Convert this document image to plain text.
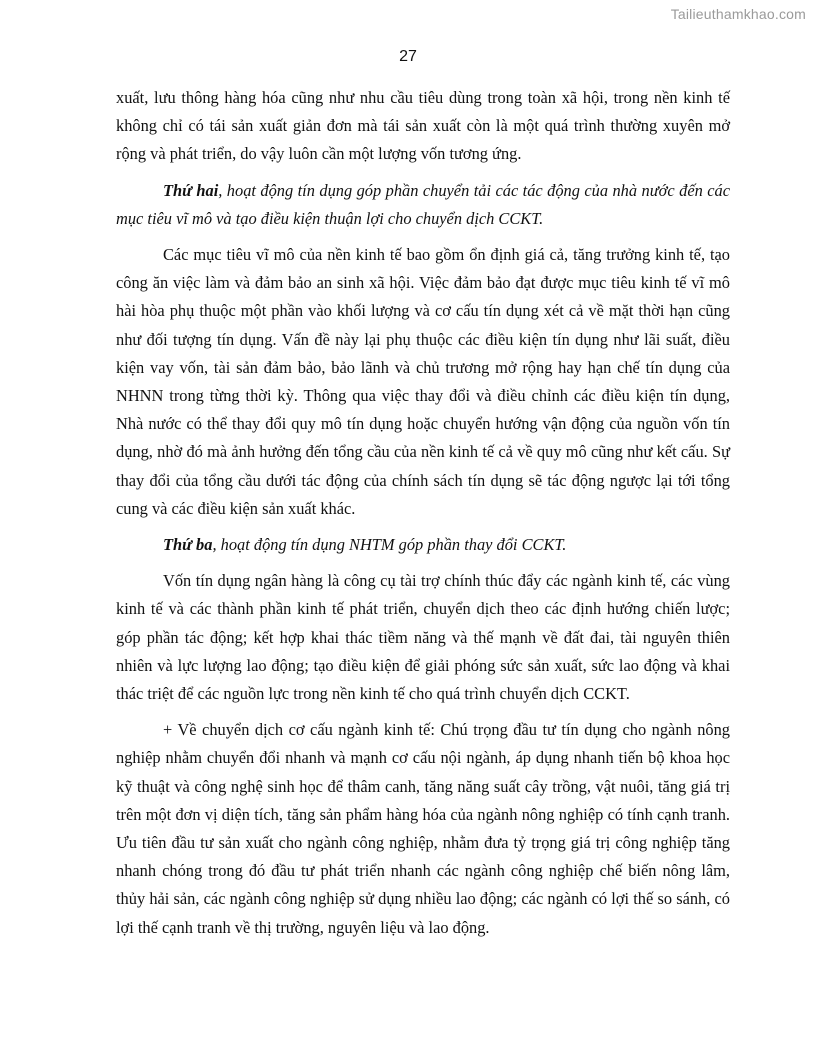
Tailieuthamkhao.com
27

xuất, lưu thông hàng hóa cũng như nhu cầu tiêu dùng trong toàn xã hội, trong nền kinh tế không chỉ có tái sản xuất giản đơn mà tái sản xuất còn là một quá trình thường xuyên mở rộng và phát triển, do vậy luôn cần một lượng vốn tương ứng.

Thứ hai, hoạt động tín dụng góp phần chuyển tải các tác động của nhà nước đến các mục tiêu vĩ mô và tạo điều kiện thuận lợi cho chuyển dịch CCKT.

Các mục tiêu vĩ mô của nền kinh tế bao gồm ổn định giá cả, tăng trưởng kinh tế, tạo công ăn việc làm và đảm bảo an sinh xã hội. Việc đảm bảo đạt được mục tiêu kinh tế vĩ mô hài hòa phụ thuộc một phần vào khối lượng và cơ cấu tín dụng xét cả về mặt thời hạn cũng như đối tượng tín dụng. Vấn đề này lại phụ thuộc các điều kiện tín dụng như lãi suất, điều kiện vay vốn, tài sản đảm bảo, bảo lãnh và chủ trương mở rộng hay hạn chế tín dụng của NHNN trong từng thời kỳ. Thông qua việc thay đổi và điều chỉnh các điều kiện tín dụng, Nhà nước có thể thay đổi quy mô tín dụng hoặc chuyển hướng vận động của nguồn vốn tín dụng, nhờ đó mà ảnh hưởng đến tổng cầu của nền kinh tế cả về quy mô cũng như kết cấu. Sự thay đổi của tổng cầu dưới tác động của chính sách tín dụng sẽ tác động ngược lại tới tổng cung và các điều kiện sản xuất khác.

Thứ ba, hoạt động tín dụng NHTM góp phần thay đổi CCKT.

Vốn tín dụng ngân hàng là công cụ tài trợ chính thúc đẩy các ngành kinh tế, các vùng kinh tế và các thành phần kinh tế phát triển, chuyển dịch theo các định hướng chiến lược; góp phần tác động; kết hợp khai thác tiềm năng và thế mạnh về đất đai, tài nguyên thiên nhiên và lực lượng lao động; tạo điều kiện để giải phóng sức sản xuất, sức lao động và khai thác triệt để các nguồn lực trong nền kinh tế cho quá trình chuyển dịch CCKT.

+ Về chuyển dịch cơ cấu ngành kinh tế: Chú trọng đầu tư tín dụng cho ngành nông nghiệp nhằm chuyển đổi nhanh và mạnh cơ cấu nội ngành, áp dụng nhanh tiến bộ khoa học kỹ thuật và công nghệ sinh học để thâm canh, tăng năng suất cây trồng, vật nuôi, tăng giá trị trên một đơn vị diện tích, tăng sản phẩm hàng hóa của ngành nông nghiệp có tính cạnh tranh. Ưu tiên đầu tư sản xuất cho ngành công nghiệp, nhằm đưa tỷ trọng giá trị công nghiệp tăng nhanh chóng trong đó đầu tư phát triển nhanh các ngành công nghiệp chế biến nông lâm, thủy hải sản, các ngành công nghiệp sử dụng nhiều lao động; các ngành có lợi thế so sánh, có lợi thế cạnh tranh về thị trường, nguyên liệu và lao động.
